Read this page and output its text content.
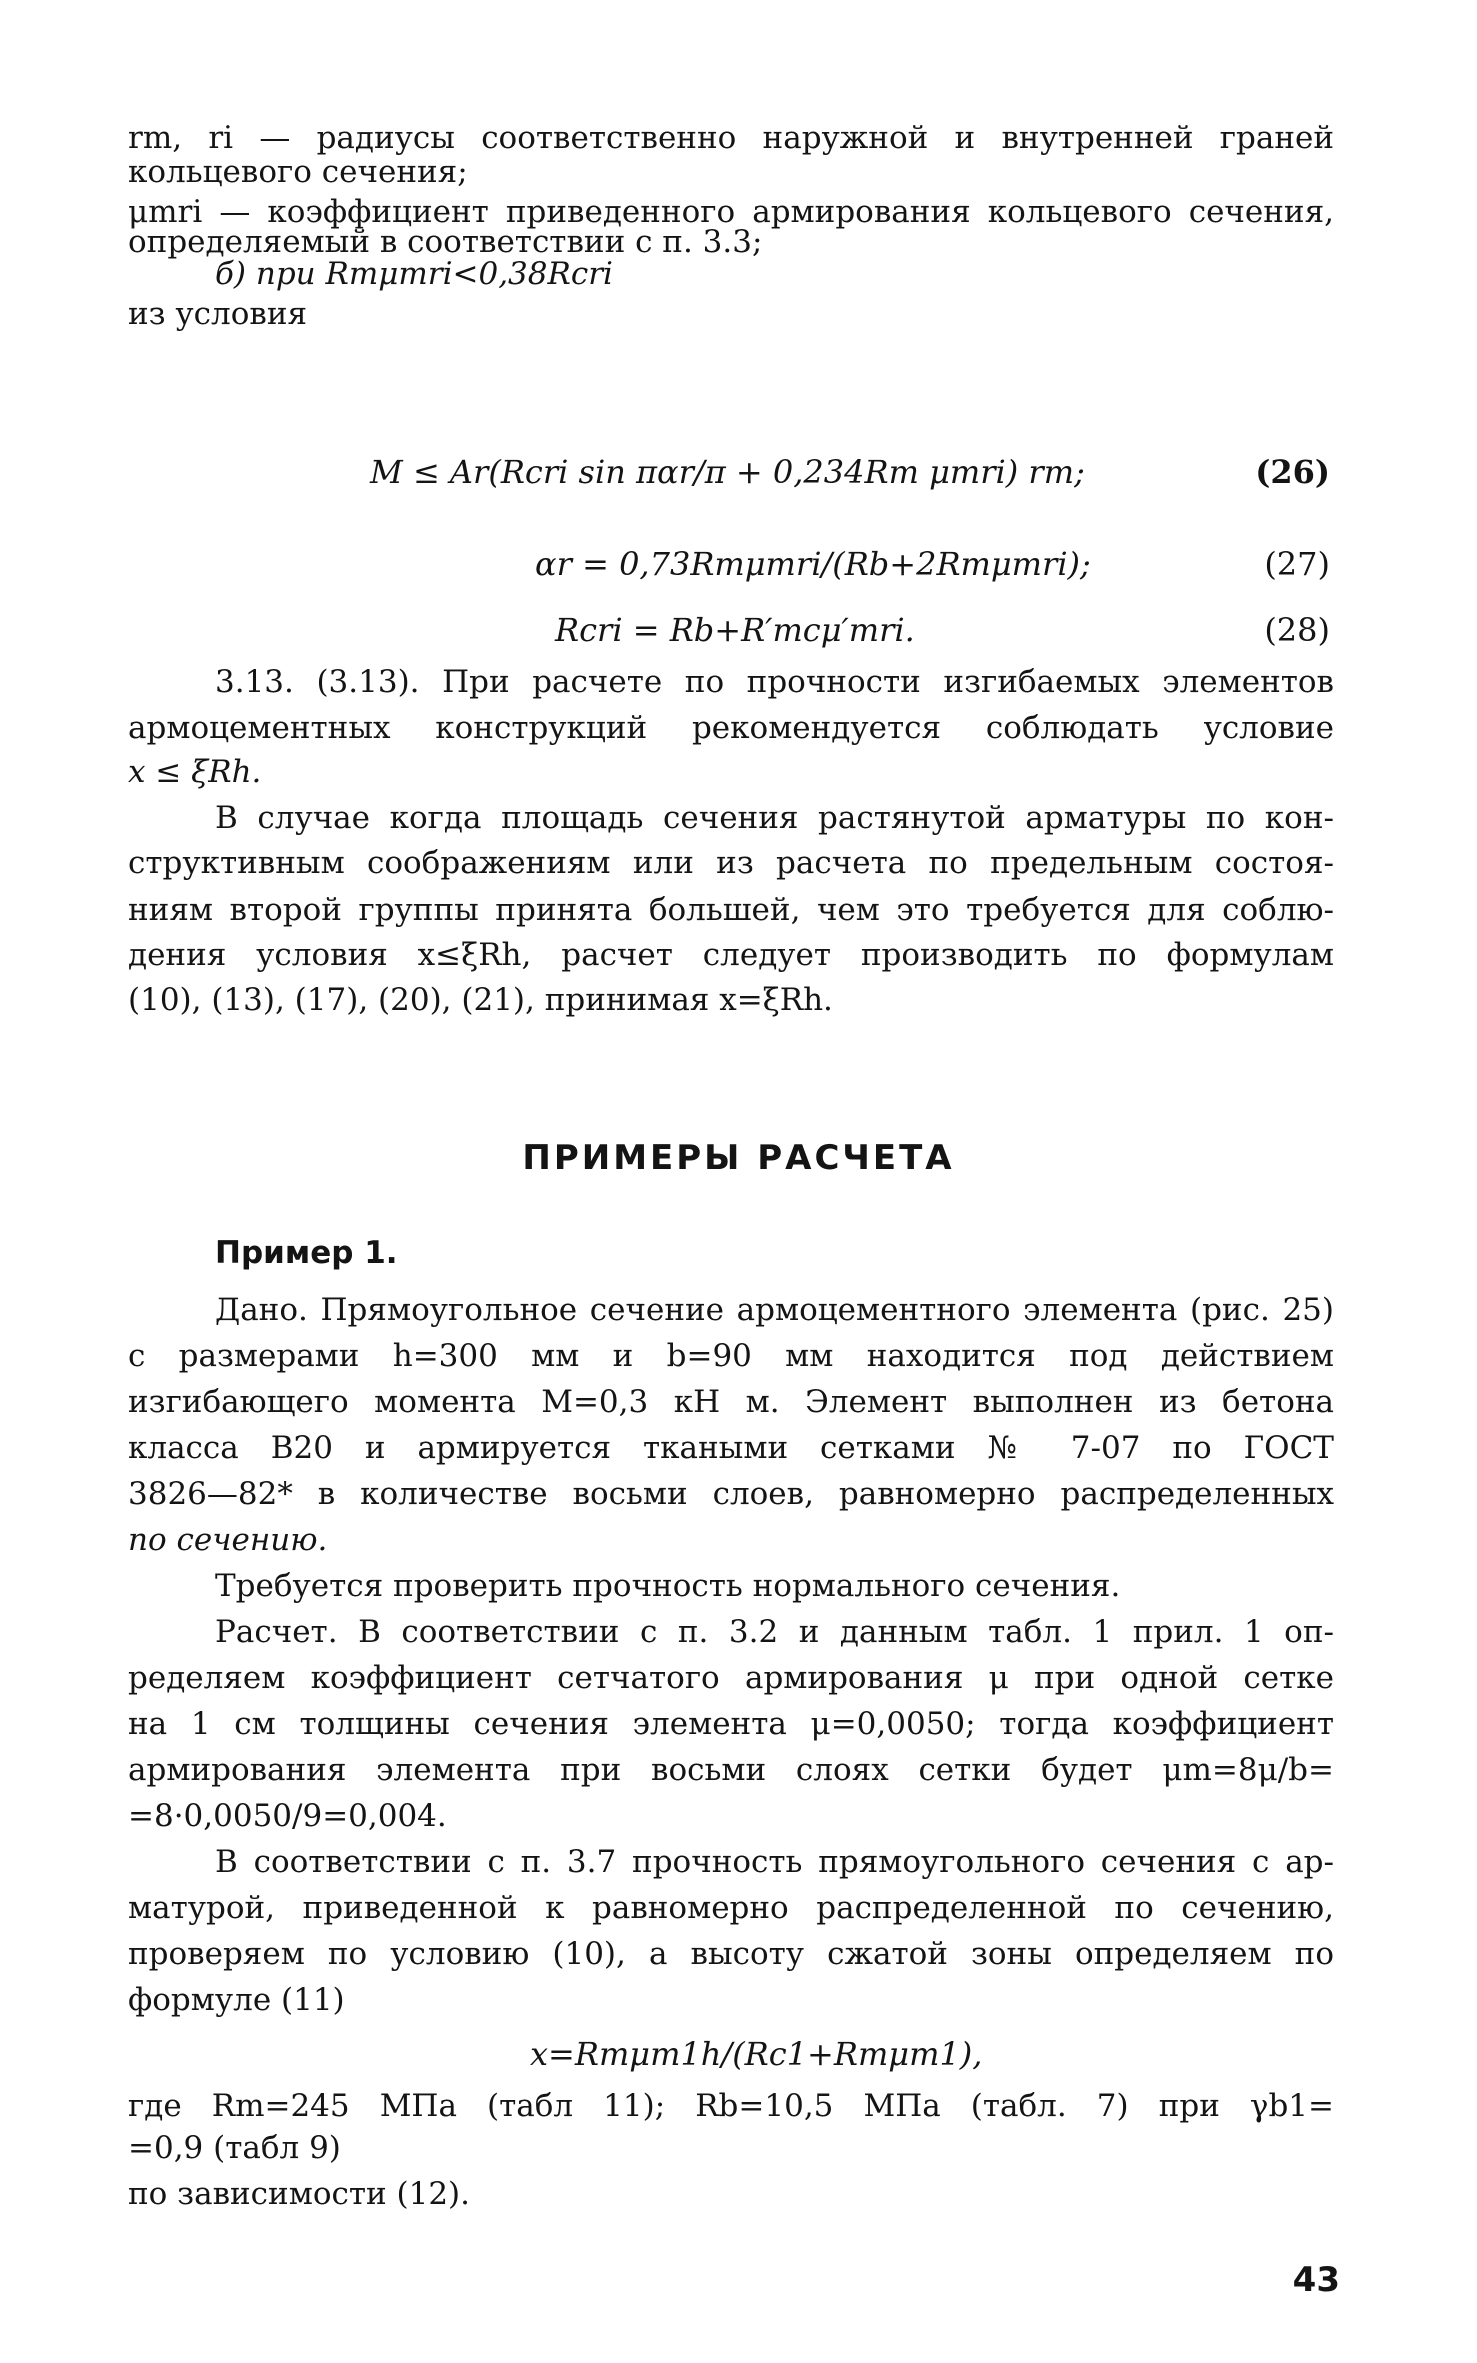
rm, ri — радиусы соответственно наружной и внутренней граней
кольцевого сечения;
μmri — коэффициент приведенного армирования кольцевого сечения,
определяемый в соответствии с п. 3.3;
б) при Rmμmri<0,38Rcri
из условия
M ≤ Ar(Rcri sin παr/π + 0,234Rm μmri) rm;	(26)
αr = 0,73Rmμmri/(Rb+2Rmμmri);	(27)
Rcri = Rb+R′mcμ′mri.	(28)
3.13. (3.13). При расчете по прочности изгибаемых элементов
армоцементных конструкций рекомендуется соблюдать условие
x ≤ ξRh.
В случае когда площадь сечения растянутой арматуры по кон-
структивным соображениям или из расчета по предельным состоя-
ниям второй группы принята большей, чем это требуется для соблю-
дения условия x≤ξRh, расчет следует производить по формулам
(10), (13), (17), (20), (21), принимая x=ξRh.
ПРИМЕРЫ РАСЧЕТА
Пример 1.
Дано. Прямоугольное сечение армоцементного элемента (рис. 25)
с размерами h=300 мм и b=90 мм находится под действием
изгибающего момента M=0,3 кН м. Элемент выполнен из бетона
класса В20 и армируется ткаными сетками № 7-07 по ГОСТ
3826—82* в количестве восьми слоев, равномерно распределенных
по сечению.
Требуется проверить прочность нормального сечения.
Расчет. В соответствии с п. 3.2 и данным табл. 1 прил. 1 оп-
ределяем коэффициент сетчатого армирования μ при одной сетке
на 1 см толщины сечения элемента μ=0,0050; тогда коэффициент
армирования элемента при восьми слоях сетки будет μm=8μ/b=
=8·0,0050/9=0,004.
В соответствии с п. 3.7 прочность прямоугольного сечения с ар-
матурой, приведенной к равномерно распределенной по сечению,
проверяем по условию (10), а высоту сжатой зоны определяем по
формуле (11)
x=Rmμm1h/(Rc1+Rmμm1),
где Rm=245 МПа (табл 11); Rb=10,5 МПа (табл. 7) при γb1=
=0,9 (табл 9)
по зависимости (12).
43
